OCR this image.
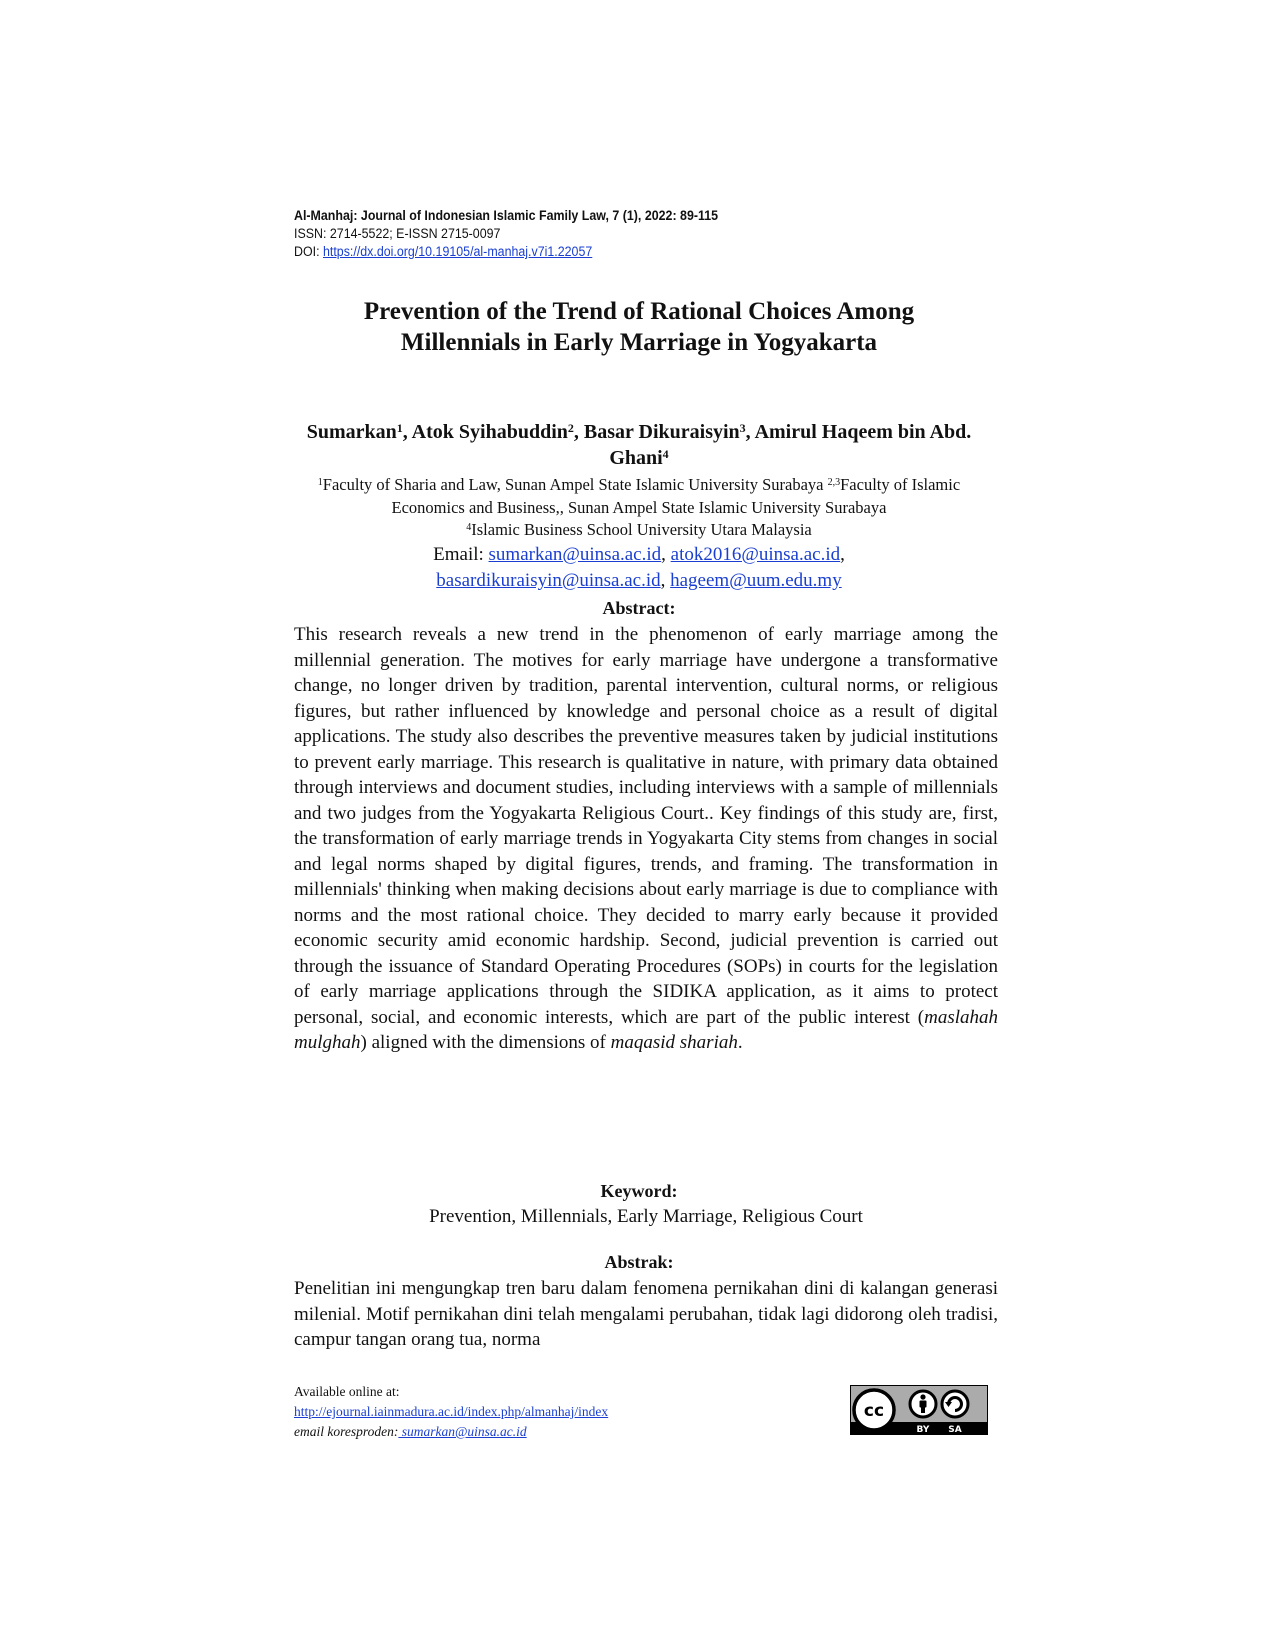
Al-Manhaj: Journal of Indonesian Islamic Family Law, 7 (1), 2022: 89-115
ISSN: 2714-5522; E-ISSN 2715-0097
DOI: https://dx.doi.org/10.19105/al-manhaj.v7i1.22057
Prevention of the Trend of Rational Choices Among
Millennials in Early Marriage in Yogyakarta
Sumarkan$^1$, Atok Syihabuddin$^2$, Basar Dikuraisyin$^3$, Amirul Haqeem bin Abd. Ghani$^4$
$^1$Faculty of Sharia and Law, Sunan Ampel State Islamic University Surabaya $^{2,3}$Faculty of Islamic Economics and Business,, Sunan Ampel State Islamic University Surabaya
$^4$Islamic Business School University Utara Malaysia
Email: sumarkan@uinsa.ac.id, atok2016@uinsa.ac.id,
basardikuraisyin@uinsa.ac.id, hageem@uum.edu.my
Abstract:
This research reveals a new trend in the phenomenon of early marriage among the millennial generation. The motives for early marriage have undergone a transformative change, no longer driven by tradition, parental intervention, cultural norms, or religious figures, but rather influenced by knowledge and personal choice as a result of digital applications. The study also describes the preventive measures taken by judicial institutions to prevent early marriage. This research is qualitative in nature, with primary data obtained through interviews and document studies, including interviews with a sample of millennials and two judges from the Yogyakarta Religious Court.. Key findings of this study are, first, the transformation of early marriage trends in Yogyakarta City stems from changes in social and legal norms shaped by digital figures, trends, and framing. The transformation in millennials' thinking when making decisions about early marriage is due to compliance with norms and the most rational choice. They decided to marry early because it provided economic security amid economic hardship. Second, judicial prevention is carried out through the issuance of Standard Operating Procedures (SOPs) in courts for the legislation of early marriage applications through the SIDIKA application, as it aims to protect personal, social, and economic interests, which are part of the public interest (maslahah mulghah) aligned with the dimensions of maqasid shariah.
Keyword:
Prevention, Millennials, Early Marriage, Religious Court
Abstrak:
Penelitian ini mengungkap tren baru dalam fenomena pernikahan dini di kalangan generasi milenial. Motif pernikahan dini telah mengalami perubahan, tidak lagi didorong oleh tradisi, campur tangan orang tua, norma
Available online at:
http://ejournal.iainmadura.ac.id/index.php/almanhaj/index
email koresproden: sumarkan@uinsa.ac.id
cc
BY SA
